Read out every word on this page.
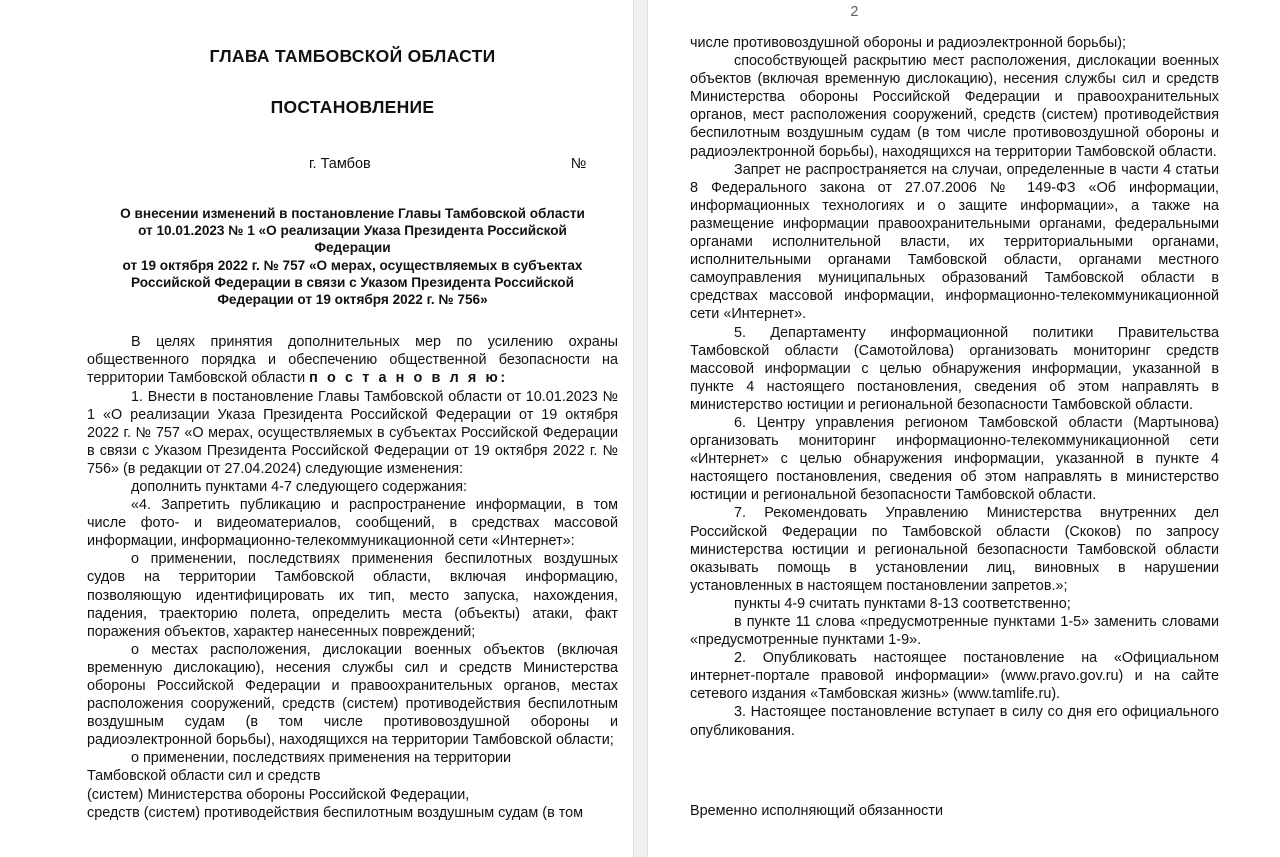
ГЛАВА ТАМБОВСКОЙ ОБЛАСТИ
ПОСТАНОВЛЕНИЕ
г. Тамбов	№
О внесении изменений в постановление Главы Тамбовской области
от 10.01.2023 № 1 «О реализации Указа Президента Российской
Федерации
от 19 октября 2022 г. № 757 «О мерах, осуществляемых в субъектах
Российской Федерации в связи с Указом Президента Российской
Федерации от 19 октября 2022 г. № 756»

В целях принятия дополнительных мер по усилению охраны общественного порядка и обеспечению общественной безопасности на территории Тамбовской области п о с т а н о в л я ю:

1. Внести в постановление Главы Тамбовской области от 10.01.2023 № 1 «О реализации Указа Президента Российской Федерации от 19 октября 2022 г. № 757 «О мерах, осуществляемых в субъектах Российской Федерации в связи с Указом Президента Российской Федерации от 19 октября 2022 г. № 756» (в редакции от 27.04.2024) следующие изменения:

дополнить пунктами 4-7 следующего содержания:

«4. Запретить публикацию и распространение информации, в том числе фото- и видеоматериалов, сообщений, в средствах массовой информации, информационно-телекоммуникационной сети «Интернет»:

о применении, последствиях применения беспилотных воздушных судов на территории Тамбовской области, включая информацию, позволяющую идентифицировать их тип, место запуска, нахождения, падения, траекторию полета, определить места (объекты) атаки, факт поражения объектов, характер нанесенных повреждений;

о местах расположения, дислокации военных объектов (включая временную дислокацию), несения службы сил и средств Министерства обороны Российской Федерации и правоохранительных органов, местах расположения сооружений, средств (систем) противодействия беспилотным воздушным судам (в том числе противовоздушной обороны и радиоэлектронной борьбы), находящихся на территории Тамбовской области;

о применении, последствиях применения на территории
Тамбовской области сил и средств
(систем) Министерства обороны Российской Федерации,
средств (систем) противодействия беспилотным воздушным судам (в том
2

числе противовоздушной обороны и радиоэлектронной борьбы);

способствующей раскрытию мест расположения, дислокации военных объектов (включая временную дислокацию), несения службы сил и средств Министерства обороны Российской Федерации и правоохранительных органов, мест расположения сооружений, средств (систем) противодействия беспилотным воздушным судам (в том числе противовоздушной обороны и радиоэлектронной борьбы), находящихся на территории Тамбовской области.

Запрет не распространяется на случаи, определенные в части 4 статьи 8 Федерального закона от 27.07.2006 № 149-ФЗ «Об информации, информационных технологиях и о защите информации», а также на размещение информации правоохранительными органами, федеральными органами исполнительной власти, их территориальными органами, исполнительными органами Тамбовской области, органами местного самоуправления муниципальных образований Тамбовской области в средствах массовой информации, информационно-телекоммуникационной сети «Интернет».

5. Департаменту информационной политики Правительства Тамбовской области (Самотойлова) организовать мониторинг средств массовой информации с целью обнаружения информации, указанной в пункте 4 настоящего постановления, сведения об этом направлять в министерство юстиции и региональной безопасности Тамбовской области.

6. Центру управления регионом Тамбовской области (Мартынова) организовать мониторинг информационно-телекоммуникационной сети «Интернет» с целью обнаружения информации, указанной в пункте 4 настоящего постановления, сведения об этом направлять в министерство юстиции и региональной безопасности Тамбовской области.

7. Рекомендовать Управлению Министерства внутренних дел Российской Федерации по Тамбовской области (Скоков) по запросу министерства юстиции и региональной безопасности Тамбовской области оказывать помощь в установлении лиц, виновных в нарушении установленных в настоящем постановлении запретов.»;

пункты 4-9 считать пунктами 8-13 соответственно;

в пункте 11 слова «предусмотренные пунктами 1-5» заменить словами «предусмотренные пунктами 1-9».

2. Опубликовать настоящее постановление на «Официальном интернет-портале правовой информации» (www.pravo.gov.ru) и на сайте сетевого издания «Тамбовская жизнь» (www.tamlife.ru).

3. Настоящее постановление вступает в силу со дня его официального опубликования.

Временно исполняющий обязанности
